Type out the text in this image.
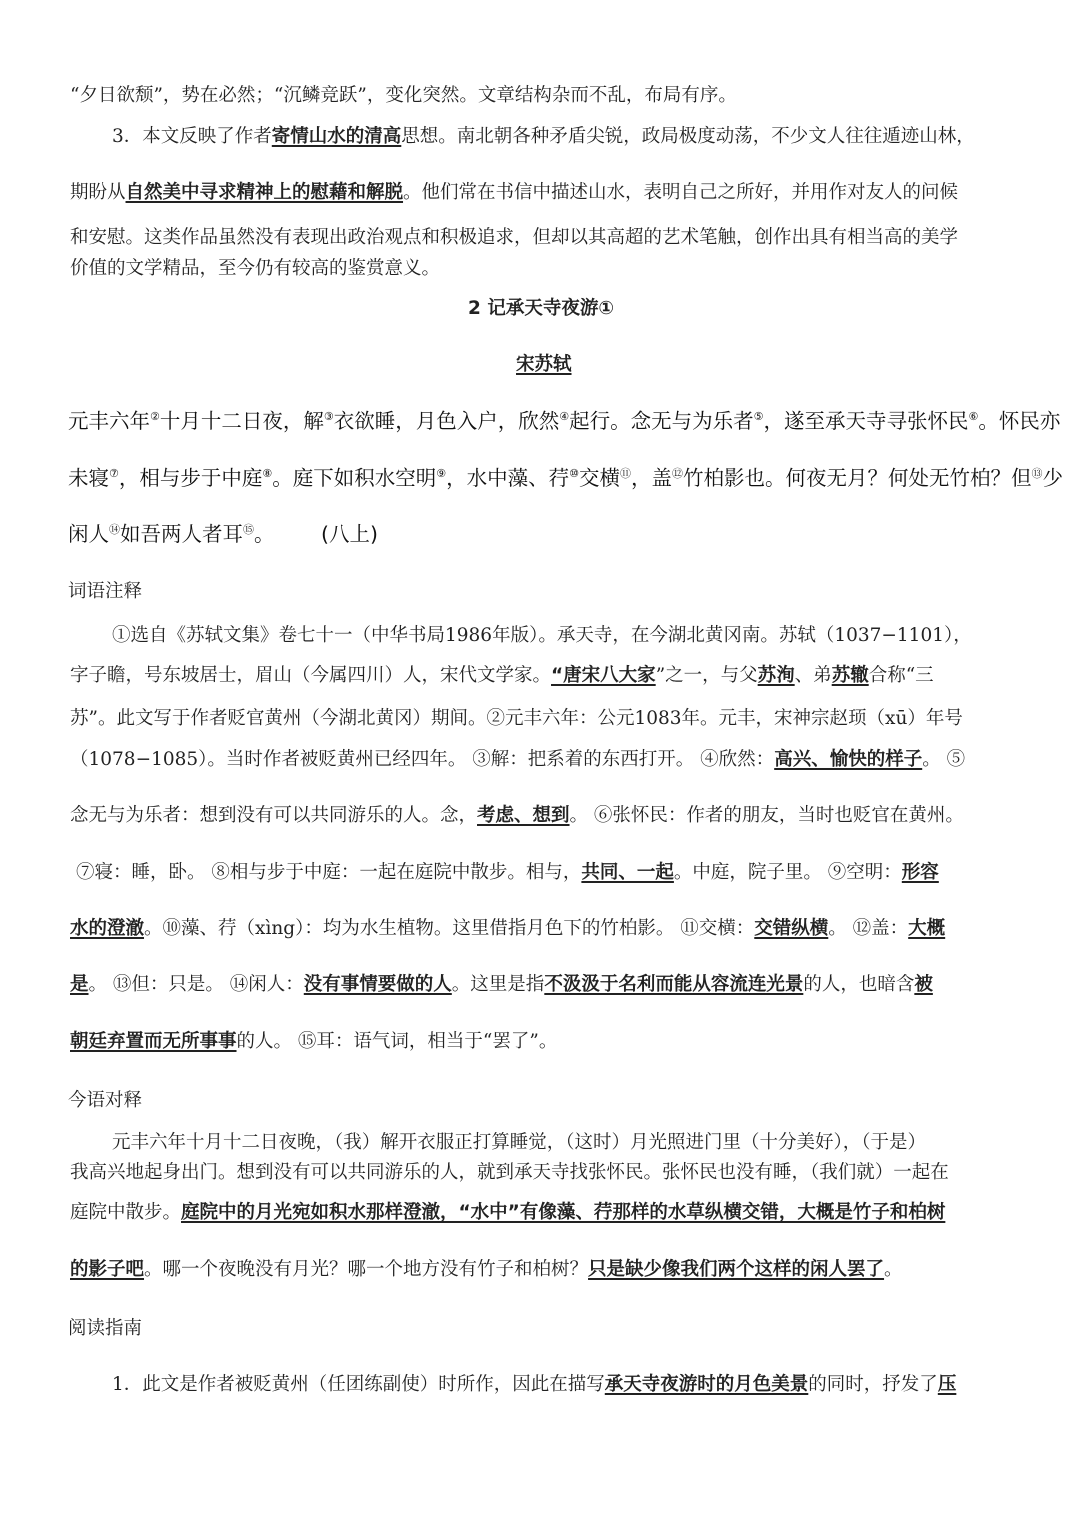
“夕日欲颓”，势在必然；“沉鳞竞跃”，变化突然。文章结构杂而不乱，布局有序。
3．本文反映了作者寄情山水的清高思想。南北朝各种矛盾尖锐，政局极度动荡，不少文人往往遁迹山林，
期盼从自然美中寻求精神上的慰藉和解脱。他们常在书信中描述山水，表明自己之所好，并用作对友人的问候
和安慰。这类作品虽然没有表现出政治观点和积极追求，但却以其高超的艺术笔触，创作出具有相当高的美学
价值的文学精品，至今仍有较高的鉴赏意义。
2 记承天寺夜游①
宋苏轼
元丰六年②十月十二日夜，解③衣欲睡，月色入户，欣然④起行。念无与为乐者⑤，遂至承天寺寻张怀民⑥。怀民亦
未寝⑦，相与步于中庭⑧。庭下如积水空明⑨，水中藻、荇⑩交横⑪，盖⑫竹柏影也。何夜无月？何处无竹柏？但⑬少
闲人⑭如吾两人者耳⑮。 (八上)
词语注释
①选自《苏轼文集》卷七十一（中华书局1986年版）。承天寺，在今湖北黄冈南。苏轼（1037−1101），
字子瞻，号东坡居士，眉山（今属四川）人，宋代文学家。“唐宋八大家”之一，与父苏洵、弟苏辙合称“三
苏”。此文写于作者贬官黄州（今湖北黄冈）期间。②元丰六年：公元1083年。元丰，宋神宗赵顼（xū）年号
（1078−1085）。当时作者被贬黄州已经四年。 ③解：把系着的东西打开。 ④欣然：高兴、愉快的样子。 ⑤
念无与为乐者：想到没有可以共同游乐的人。念，考虑、想到。 ⑥张怀民：作者的朋友，当时也贬官在黄州。
⑦寝：睡，卧。 ⑧相与步于中庭：一起在庭院中散步。相与，共同、一起。中庭，院子里。 ⑨空明：形容
水的澄澈。⑩藻、荇（xìng）：均为水生植物。这里借指月色下的竹柏影。 ⑪交横：交错纵横。 ⑫盖：大概
是。 ⑬但：只是。 ⑭闲人：没有事情要做的人。这里是指不汲汲于名利而能从容流连光景的人，也暗含被
朝廷弃置而无所事事的人。 ⑮耳：语气词，相当于“罢了”。
今语对释
元丰六年十月十二日夜晚，（我）解开衣服正打算睡觉，（这时）月光照进门里（十分美好），（于是）
我高兴地起身出门。想到没有可以共同游乐的人，就到承天寺找张怀民。张怀民也没有睡，（我们就）一起在
庭院中散步。庭院中的月光宛如积水那样澄澈，“水中”有像藻、荇那样的水草纵横交错，大概是竹子和柏树
的影子吧。哪一个夜晚没有月光？哪一个地方没有竹子和柏树？只是缺少像我们两个这样的闲人罢了。
阅读指南
1．此文是作者被贬黄州（任团练副使）时所作，因此在描写承天寺夜游时的月色美景的同时，抒发了压
